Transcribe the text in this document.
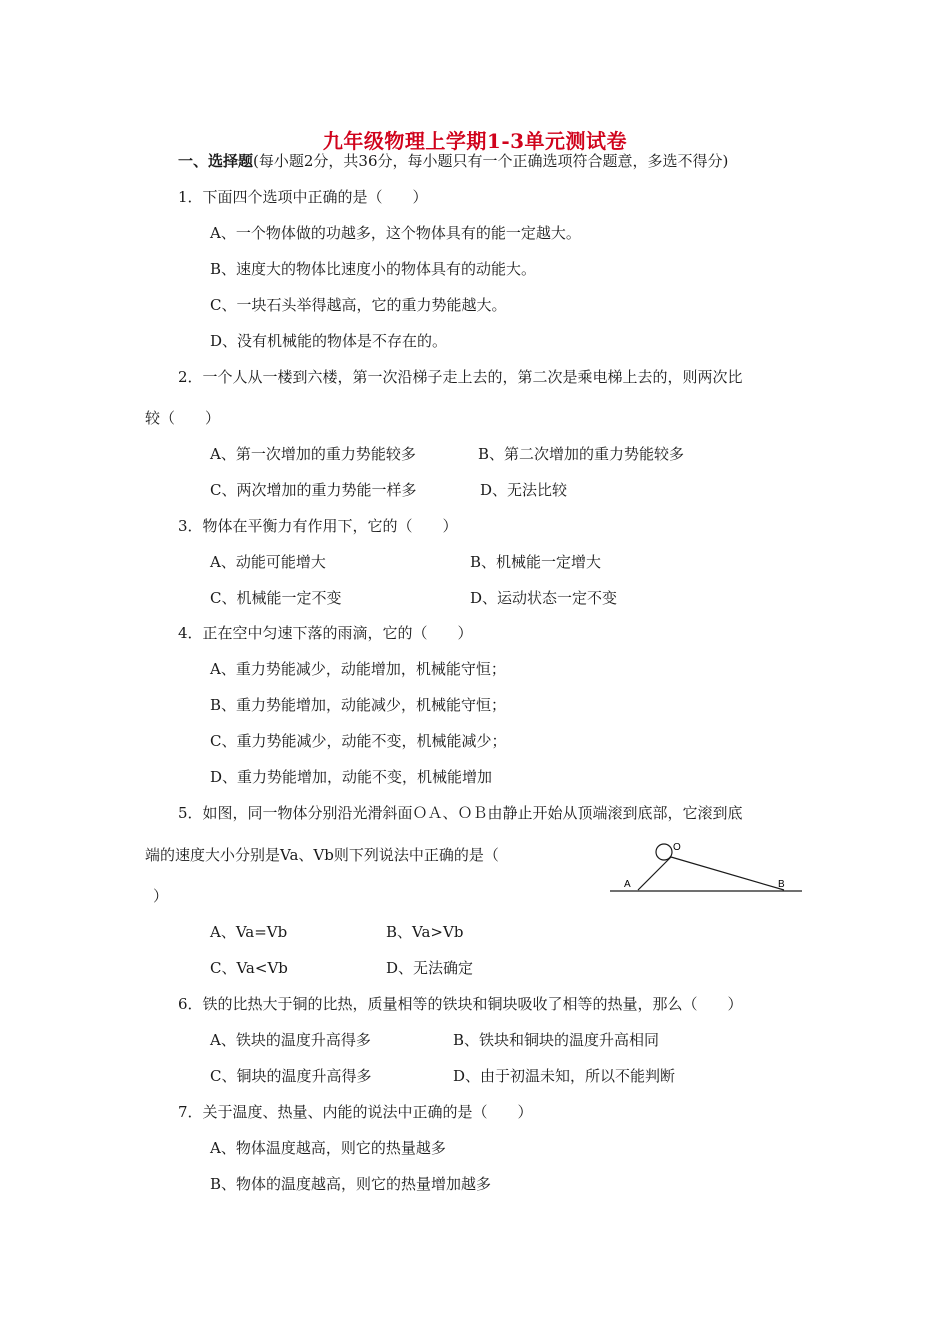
九年级物理上学期1-3单元测试卷
一、选择题(每小题2分，共36分，每小题只有一个正确选项符合题意，多选不得分)
1．下面四个选项中正确的是（　　）
A、一个物体做的功越多，这个物体具有的能一定越大。
B、速度大的物体比速度小的物体具有的动能大。
C、一块石头举得越高，它的重力势能越大。
D、没有机械能的物体是不存在的。
2．一个人从一楼到六楼，第一次沿梯子走上去的，第二次是乘电梯上去的，则两次比
较（　　）
A、第一次增加的重力势能较多	B、第二次增加的重力势能较多
C、两次增加的重力势能一样多	D、无法比较
3．物体在平衡力有作用下，它的（　　）
A、动能可能增大	B、机械能一定增大
C、机械能一定不变	D、运动状态一定不变
4．正在空中匀速下落的雨滴，它的（　　）
A、重力势能减少，动能增加，机械能守恒；
B、重力势能增加，动能减少，机械能守恒；
C、重力势能减少，动能不变，机械能减少；
D、重力势能增加，动能不变，机械能增加
5．如图，同一物体分别沿光滑斜面ＯＡ、ＯＢ由静止开始从顶端滚到底部，它滚到底
端的速度大小分别是Va、Vb则下列说法中正确的是（
）
O
A	B
A、Va=Vb	B、Va>Vb
C、Va<Vb	D、无法确定
6．铁的比热大于铜的比热，质量相等的铁块和铜块吸收了相等的热量，那么（　　）
A、铁块的温度升高得多	B、铁块和铜块的温度升高相同
C、铜块的温度升高得多	D、由于初温未知，所以不能判断
7．关于温度、热量、内能的说法中正确的是（　　）
A、物体温度越高，则它的热量越多
B、物体的温度越高，则它的热量增加越多
